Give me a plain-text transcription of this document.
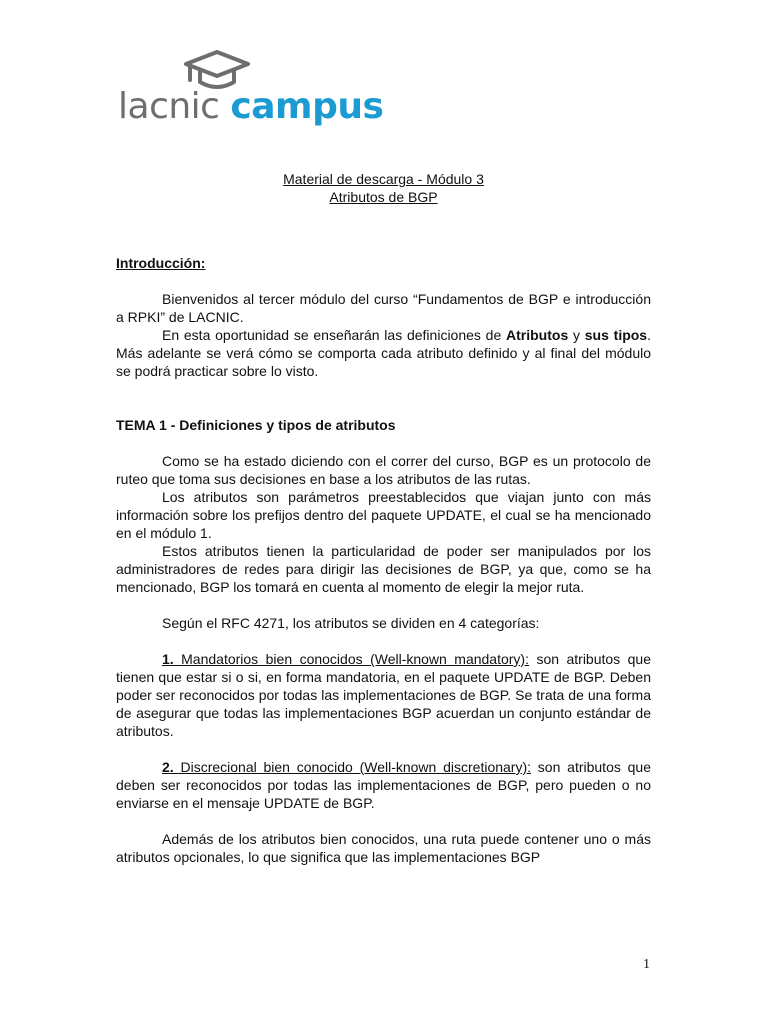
lacnic campus
Material de descarga - Módulo 3
Atributos de BGP

Introducción:

Bienvenidos al tercer módulo del curso “Fundamentos de BGP e introducción a RPKI” de LACNIC.

En esta oportunidad se enseñarán las definiciones de Atributos y sus tipos. Más adelante se verá cómo se comporta cada atributo definido y al final del módulo se podrá practicar sobre lo visto.

TEMA 1 - Definiciones y tipos de atributos

Como se ha estado diciendo con el correr del curso, BGP es un protocolo de ruteo que toma sus decisiones en base a los atributos de las rutas.

Los atributos son parámetros preestablecidos que viajan junto con más información sobre los prefijos dentro del paquete UPDATE, el cual se ha mencionado en el módulo 1.

Estos atributos tienen la particularidad de poder ser manipulados por los administradores de redes para dirigir las decisiones de BGP, ya que, como se ha mencionado, BGP los tomará en cuenta al momento de elegir la mejor ruta.

Según el RFC 4271, los atributos se dividen en 4 categorías:

1. Mandatorios bien conocidos (Well-known mandatory): son atributos que tienen que estar si o si, en forma mandatoria, en el paquete UPDATE de BGP. Deben poder ser reconocidos por todas las implementaciones de BGP. Se trata de una forma de asegurar que todas las implementaciones BGP acuerdan un conjunto estándar de atributos.

2. Discrecional bien conocido (Well-known discretionary): son atributos que deben ser reconocidos por todas las implementaciones de BGP, pero pueden o no enviarse en el mensaje UPDATE de BGP.

Además de los atributos bien conocidos, una ruta puede contener uno o más atributos opcionales, lo que significa que las implementaciones BGP

1
